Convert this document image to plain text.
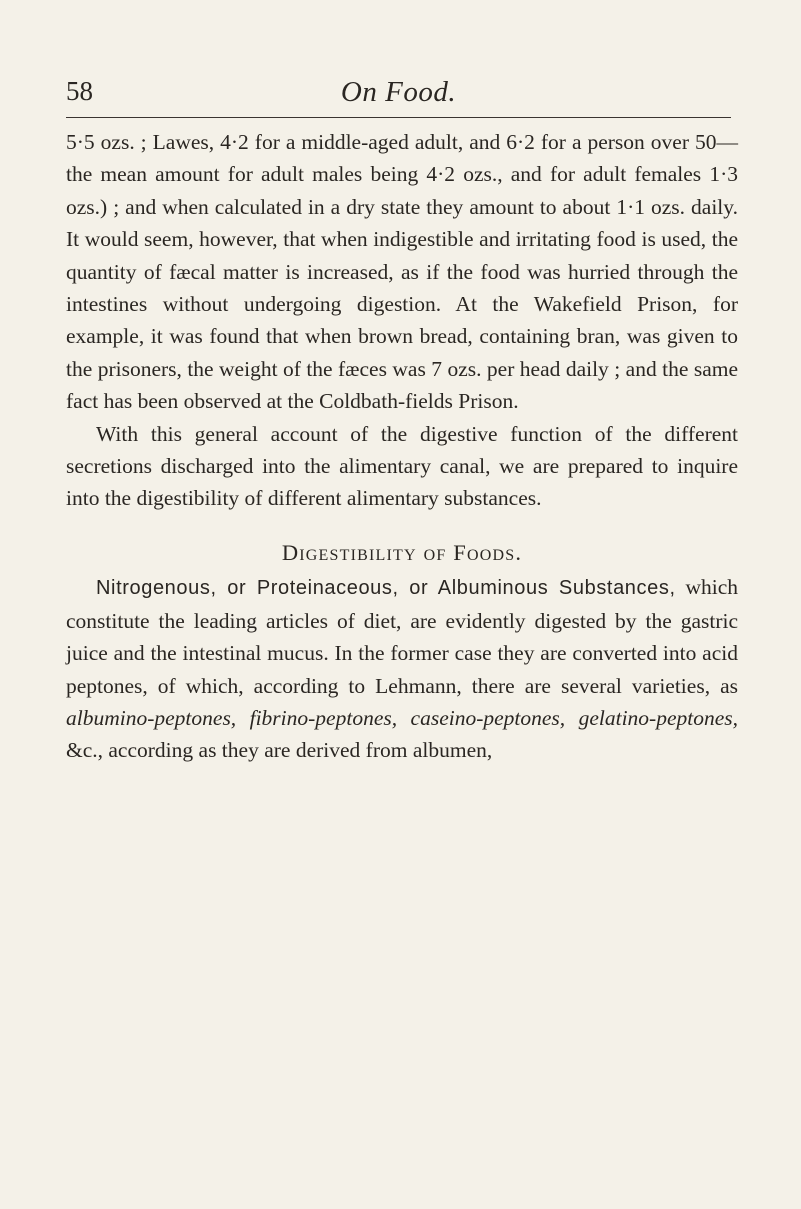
58	On Food.

5·5 ozs. ; Lawes, 4·2 for a middle-aged adult, and 6·2 for a person over 50—the mean amount for adult males being 4·2 ozs., and for adult females 1·3 ozs.) ; and when calculated in a dry state they amount to about 1·1 ozs. daily. It would seem, however, that when indigestible and irritating food is used, the quantity of fæcal matter is increased, as if the food was hurried through the intestines without undergoing digestion. At the Wakefield Prison, for example, it was found that when brown bread, containing bran, was given to the prisoners, the weight of the fæces was 7 ozs. per head daily ; and the same fact has been observed at the Coldbath-fields Prison.

With this general account of the digestive function of the different secretions discharged into the alimentary canal, we are prepared to inquire into the digestibility of different alimentary substances.

Digestibility of Foods.

Nitrogenous, or Proteinaceous, or Albuminous Substances, which constitute the leading articles of diet, are evidently digested by the gastric juice and the intestinal mucus. In the former case they are converted into acid peptones, of which, according to Lehmann, there are several varieties, as albumino-peptones, fibrino-peptones, caseino-peptones, gelatino-peptones, &c., according as they are derived from albumen,
